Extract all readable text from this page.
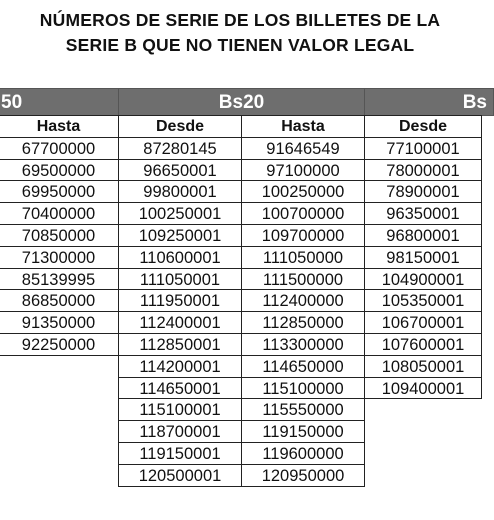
NÚMEROS DE SERIE DE LOS BILLETES DE LA
SERIE B QUE NO TIENEN VALOR LEGAL
50	Bs20	Bs
Hasta
67700000
69500000
69950000
70400000
70850000
71300000
85139995
86850000
91350000
92250000
Desde
87280145
96650001
99800001
100250001
109250001
110600001
111050001
111950001
112400001
112850001
114200001
114650001
115100001
118700001
119150001
120500001
Hasta
91646549
97100000
100250000
100700000
109700000
111050000
111500000
112400000
112850000
113300000
114650000
115100000
115550000
119150000
119600000
120950000
Desde
77100001
78000001
78900001
96350001
96800001
98150001
104900001
105350001
106700001
107600001
108050001
109400001
